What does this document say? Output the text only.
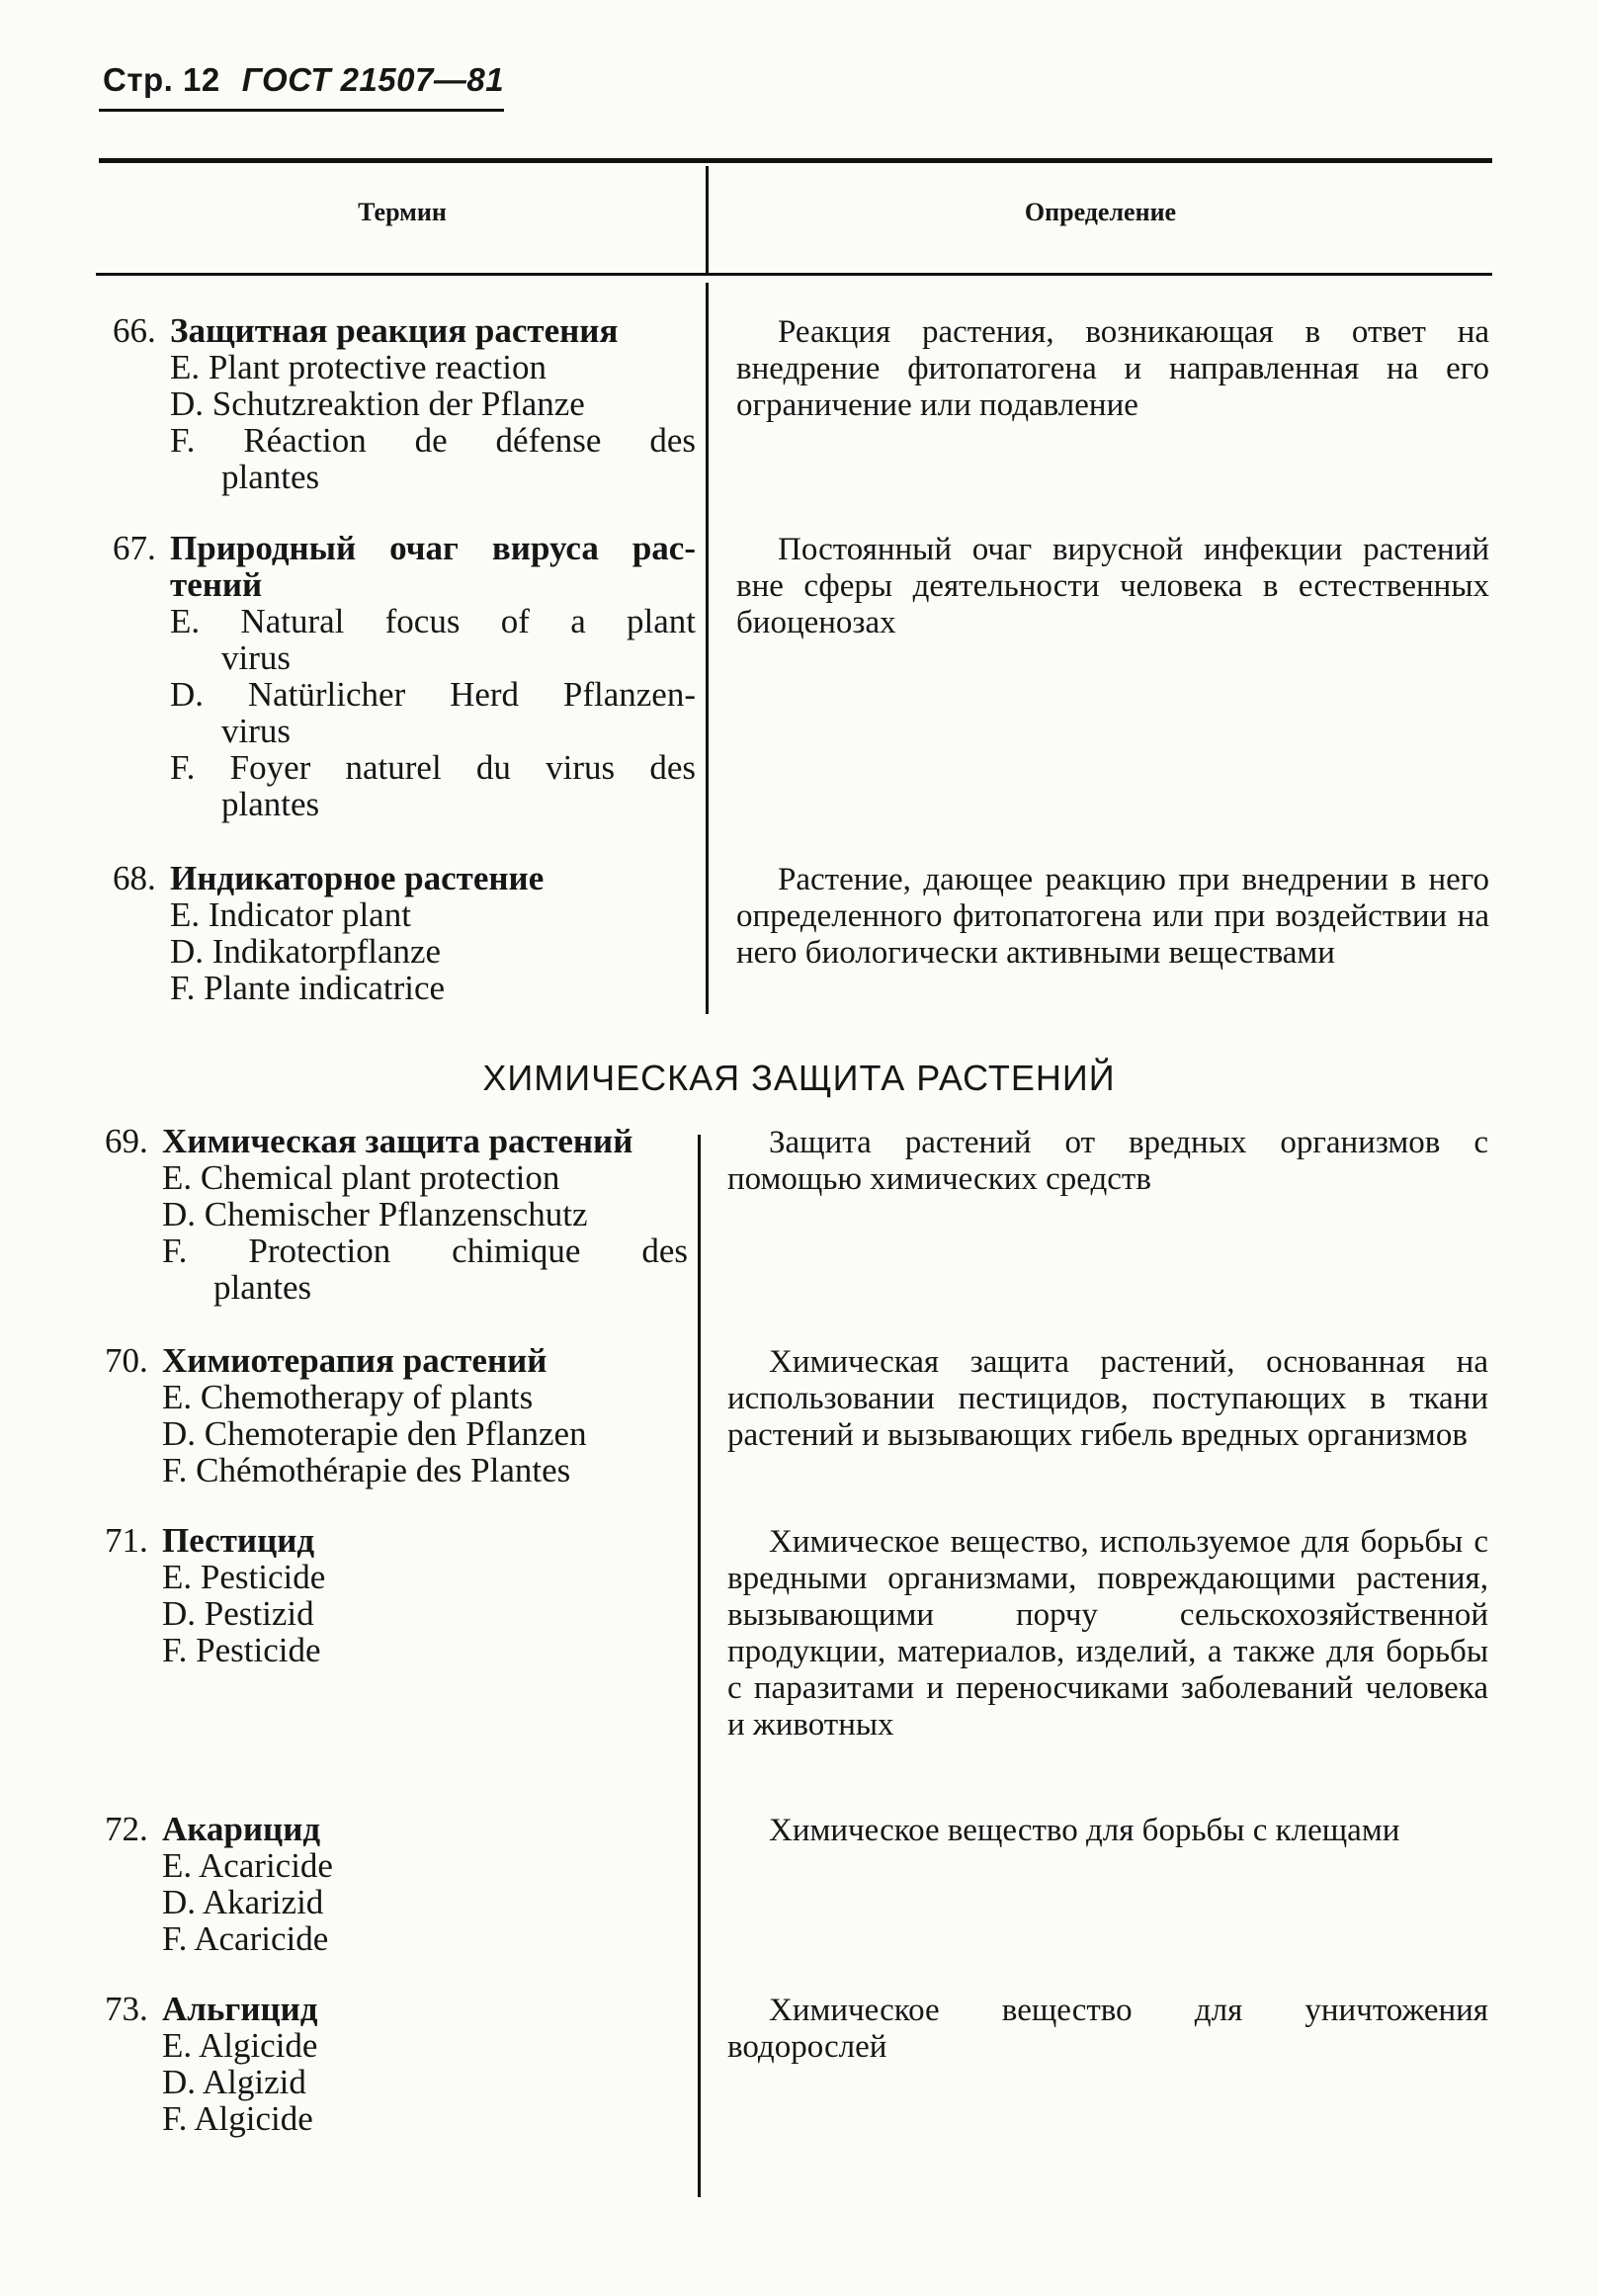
Стр. 12 ГОСТ 21507—81
Термин	Определение
ХИМИЧЕСКАЯ ЗАЩИТА РАСТЕНИЙ
66. Защитная реакция растения
E. Plant protective reaction
D. Schutzreaktion der Pflanze
F. Réaction de défense des
plantes
Реакция растения, возникающая в ответ на внедрение фитопатогена и направленная на его ограничение или подавление
67. Природный очаг вируса рас-
тений
E. Natural focus of a plant
virus
D. Natürlicher Herd Pflanzen-
virus
F. Foyer naturel du virus des
plantes
Постоянный очаг вирусной инфекции растений вне сферы деятельности человека в естественных биоценозах
68. Индикаторное растение
E. Indicator plant
D. Indikatorpflanze
F. Plante indicatrice
Растение, дающее реакцию при внедрении в него определенного фитопатогена или при воздействии на него биологически активными веществами
69. Химическая защита растений
E. Chemical plant protection
D. Chemischer Pflanzenschutz
F. Protection chimique des
plantes
Защита растений от вредных организмов с помощью химических средств
70. Химиотерапия растений
E. Chemotherapy of plants
D. Chemoterapie den Pflanzen
F. Chémothérapie des Plantes
Химическая защита растений, основанная на использовании пестицидов, поступающих в ткани растений и вызывающих гибель вредных организмов
71. Пестицид
E. Pesticide
D. Pestizid
F. Pesticide
Химическое вещество, используемое для борьбы с вредными организмами, повреждающими растения, вызывающими порчу сельскохозяйственной продукции, материалов, изделий, а также для борьбы с паразитами и переносчиками заболеваний человека и животных
72. Акарицид
E. Acaricide
D. Akarizid
F. Acaricide
Химическое вещество для борьбы с клещами
73. Альгицид
E. Algicide
D. Algizid
F. Algicide
Химическое вещество для уничтожения водорослей
